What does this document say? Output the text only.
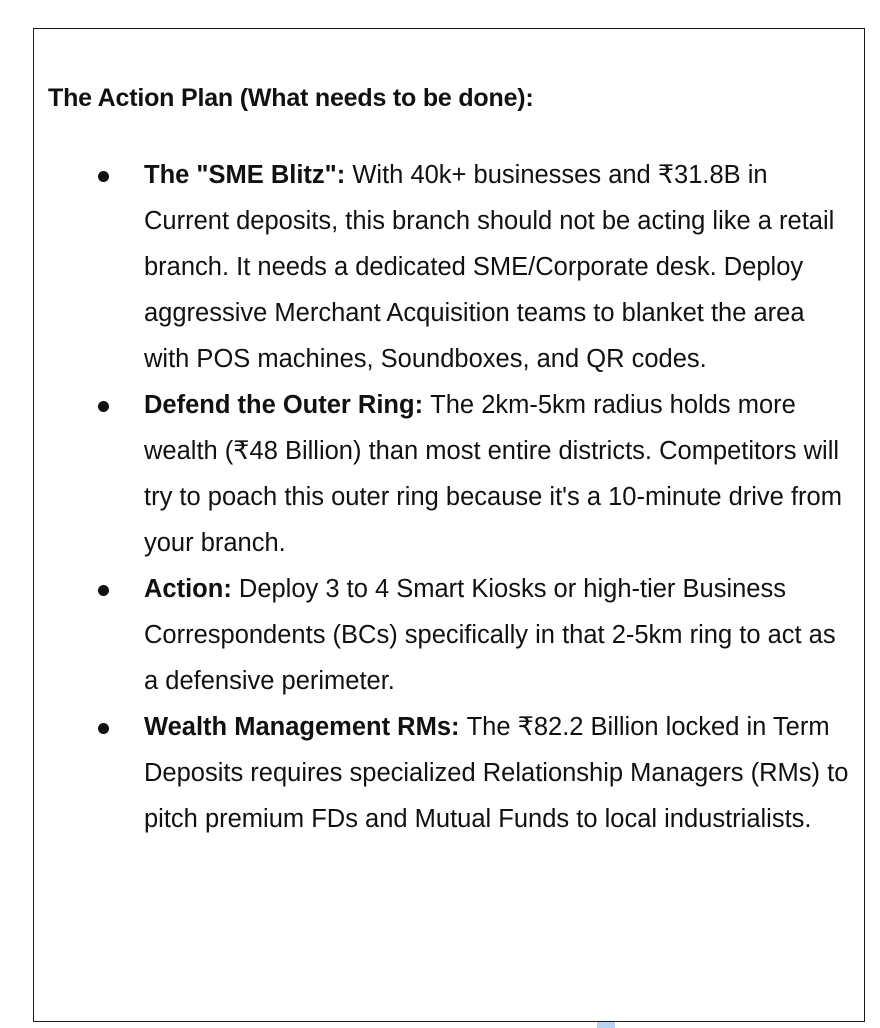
The Action Plan (What needs to be done):
The "SME Blitz": With 40k+ businesses and ₹31.8B in Current deposits, this branch should not be acting like a retail branch. It needs a dedicated SME/Corporate desk. Deploy aggressive Merchant Acquisition teams to blanket the area with POS machines, Soundboxes, and QR codes.
Defend the Outer Ring: The 2km-5km radius holds more wealth (₹48 Billion) than most entire districts. Competitors will try to poach this outer ring because it's a 10-minute drive from your branch.
Action: Deploy 3 to 4 Smart Kiosks or high-tier Business Correspondents (BCs) specifically in that 2-5km ring to act as a defensive perimeter.
Wealth Management RMs: The ₹82.2 Billion locked in Term Deposits requires specialized Relationship Managers (RMs) to pitch premium FDs and Mutual Funds to local industrialists.
